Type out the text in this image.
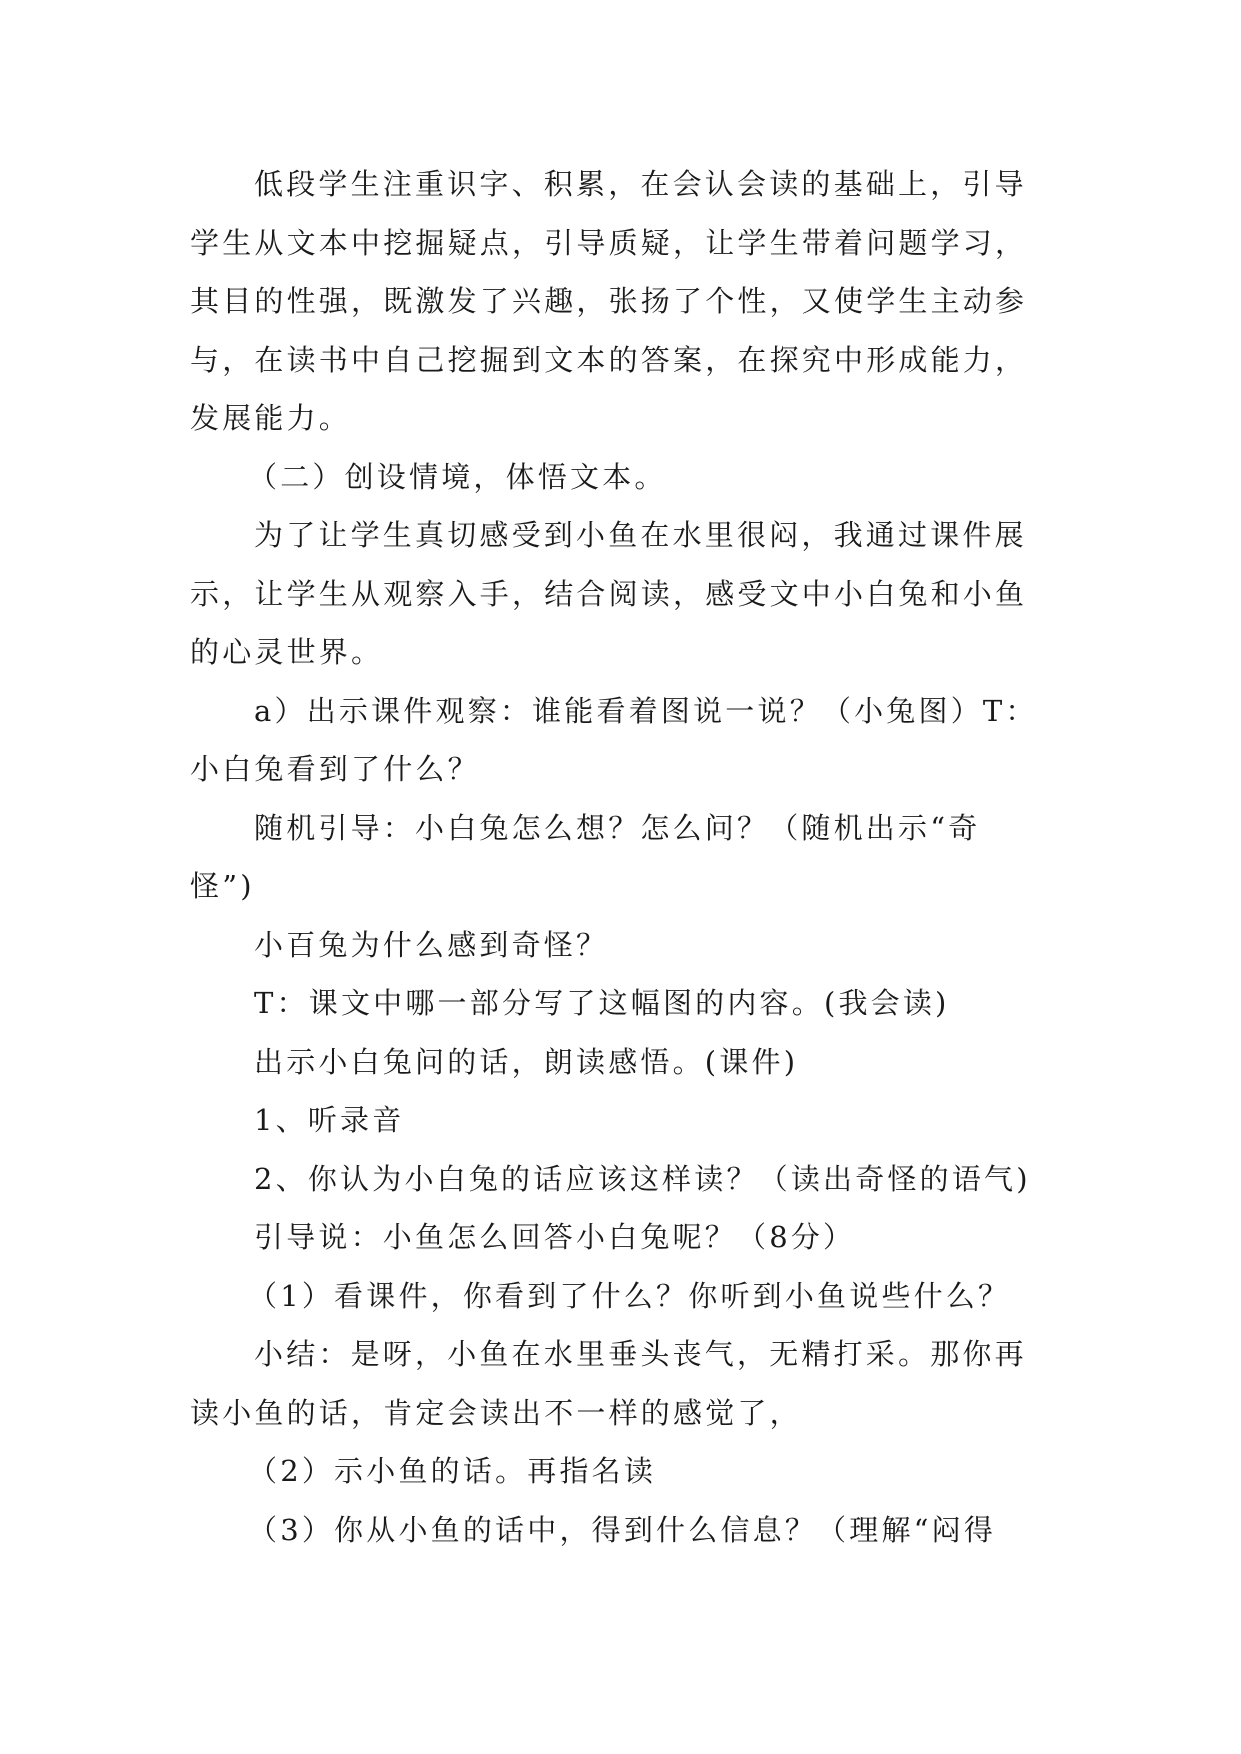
低段学生注重识字、积累，在会认会读的基础上，引导
学生从文本中挖掘疑点，引导质疑，让学生带着问题学习，
其目的性强，既激发了兴趣，张扬了个性，又使学生主动参
与，在读书中自己挖掘到文本的答案，在探究中形成能力，
发展能力。

（二）创设情境，体悟文本。

为了让学生真切感受到小鱼在水里很闷，我通过课件展
示，让学生从观察入手，结合阅读，感受文中小白兔和小鱼
的心灵世界。

a）出示课件观察：谁能看着图说一说？（小兔图）T：
小白兔看到了什么？

随机引导：小白兔怎么想？怎么问？（随机出示“奇
怪”)

小百兔为什么感到奇怪？

T：课文中哪一部分写了这幅图的内容。(我会读)

出示小白兔问的话，朗读感悟。(课件)

1、听录音

2、你认为小白兔的话应该这样读？（读出奇怪的语气)

引导说：小鱼怎么回答小白兔呢？（8分）

（1）看课件，你看到了什么？你听到小鱼说些什么？

小结：是呀，小鱼在水里垂头丧气，无精打采。那你再
读小鱼的话，肯定会读出不一样的感觉了，

（2）示小鱼的话。再指名读

（3）你从小鱼的话中，得到什么信息？（理解“闷得
